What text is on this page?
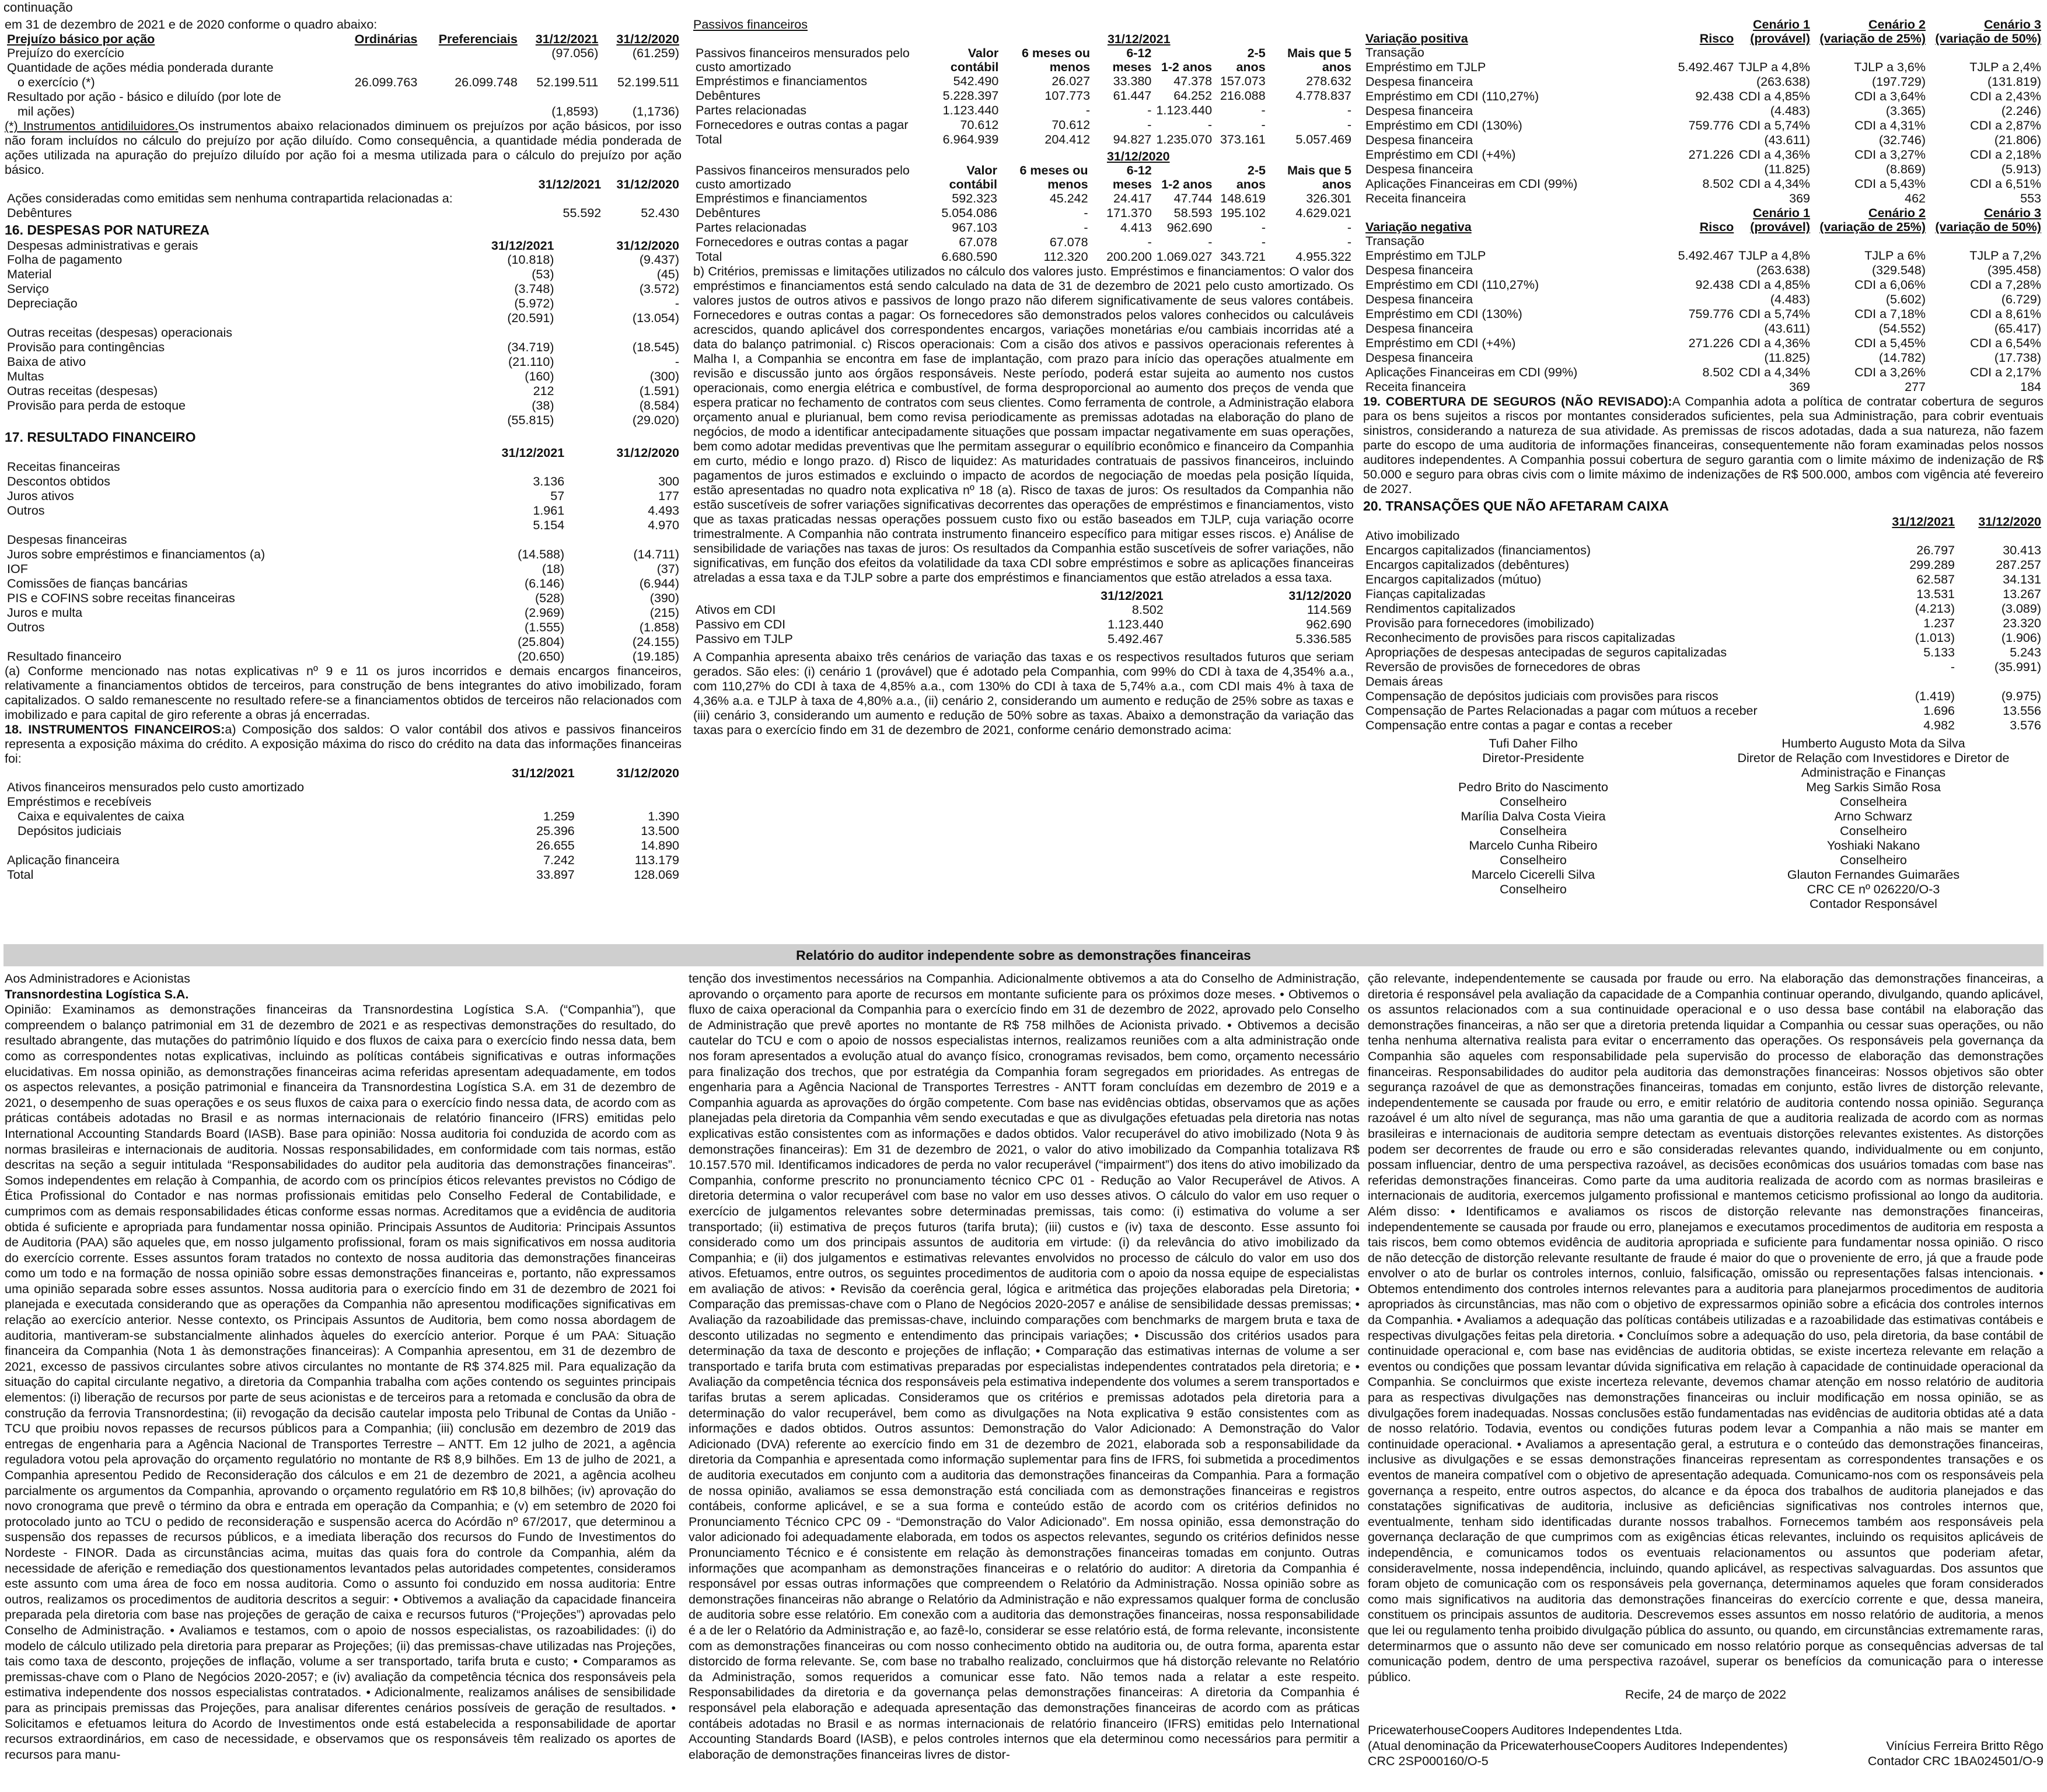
continuação

em 31 de dezembro de 2021 e de 2020 conforme o quadro abaixo:

Prejuízo básico por ação	Ordinárias	Preferenciais	31/12/2021	31/12/2020
Prejuízo do exercício			(97.056)	(61.259)
Quantidade de ações média ponderada durante				
o exercício (*)	26.099.763	26.099.748	52.199.511	52.199.511
Resultado por ação - básico e diluído (por lote de				
mil ações)			(1,8593)	(1,1736)

(*) Instrumentos antidiluidores.Os instrumentos abaixo relacionados diminuem os prejuízos por ação básicos, por isso não foram incluídos no cálculo do prejuízo por ação diluído. Como consequência, a quantidade média ponderada de ações utilizada na apuração do prejuízo diluído por ação foi a mesma utilizada para o cálculo do prejuízo por ação básico.

	31/12/2021	31/12/2020
Ações consideradas como emitidas sem nenhuma contrapartida relacionadas a:		
Debêntures	55.592	52.430
16. DESPESAS POR NATUREZA
Despesas administrativas e gerais	31/12/2021	31/12/2020
Folha de pagamento	(10.818)	(9.437)
Material	(53)	(45)
Serviço	(3.748)	(3.572)
Depreciação	(5.972)	-
	(20.591)	(13.054)
Outras receitas (despesas) operacionais		
Provisão para contingências	(34.719)	(18.545)
Baixa de ativo	(21.110)	-
Multas	(160)	(300)
Outras receitas (despesas)	212	(1.591)
Provisão para perda de estoque	(38)	(8.584)
	(55.815)	(29.020)
17. RESULTADO FINANCEIRO
	31/12/2021	31/12/2020
Receitas financeiras		
Descontos obtidos	3.136	300
Juros ativos	57	177
Outros	1.961	4.493
	5.154	4.970
Despesas financeiras		
Juros sobre empréstimos e financiamentos (a)	(14.588)	(14.711)
IOF	(18)	(37)
Comissões de fianças bancárias	(6.146)	(6.944)
PIS e COFINS sobre receitas financeiras	(528)	(390)
Juros e multa	(2.969)	(215)
Outros	(1.555)	(1.858)
	(25.804)	(24.155)
Resultado financeiro	(20.650)	(19.185)

(a) Conforme mencionado nas notas explicativas nº 9 e 11 os juros incorridos e demais encargos financeiros, relativamente a financiamentos obtidos de terceiros, para construção de bens integrantes do ativo imobilizado, foram capitalizados. O saldo remanescente no resultado refere-se a financiamentos obtidos de terceiros não relacionados com imobilizado e para capital de giro referente a obras já encerradas.

18. INSTRUMENTOS FINANCEIROS:a) Composição dos saldos: O valor contábil dos ativos e passivos financeiros representa a exposição máxima do crédito. A exposição máxima do risco do crédito na data das informações financeiras foi:

	31/12/2021	31/12/2020
Ativos financeiros mensurados pelo custo amortizado		
Empréstimos e recebíveis		
Caixa e equivalentes de caixa	1.259	1.390
Depósitos judiciais	25.396	13.500
	26.655	14.890
Aplicação financeira	7.242	113.179
Total	33.897	128.069

Passivos financeiros

	31/12/2021					
Passivos financeiros mensurados pelo custo amortizado	Valor contábil	6 meses ou menos	6-12 meses	1-2 anos	2-5 anos	Mais que 5 anos
Empréstimos e financiamentos	542.490	26.027	33.380	47.378	157.073	278.632
Debêntures	5.228.397	107.773	61.447	64.252	216.088	4.778.837
Partes relacionadas	1.123.440	-	-	1.123.440	-	-
Fornecedores e outras contas a pagar	70.612	70.612	-	-	-	-
Total	6.964.939	204.412	94.827	1.235.070	373.161	5.057.469
	31/12/2020					
Passivos financeiros mensurados pelo custo amortizado	Valor contábil	6 meses ou menos	6-12 meses	1-2 anos	2-5 anos	Mais que 5 anos
Empréstimos e financiamentos	592.323	45.242	24.417	47.744	148.619	326.301
Debêntures	5.054.086	-	171.370	58.593	195.102	4.629.021
Partes relacionadas	967.103	-	4.413	962.690	-	-
Fornecedores e outras contas a pagar	67.078	67.078	-	-	-	-
Total	6.680.590	112.320	200.200	1.069.027	343.721	4.955.322

b) Critérios, premissas e limitações utilizados no cálculo dos valores justo. Empréstimos e financiamentos: O valor dos empréstimos e financiamentos está sendo calculado na data de 31 de dezembro de 2021 pelo custo amortizado. Os valores justos de outros ativos e passivos de longo prazo não diferem significativamente de seus valores contábeis. Fornecedores e outras contas a pagar: Os fornecedores são demonstrados pelos valores conhecidos ou calculáveis acrescidos, quando aplicável dos correspondentes encargos, variações monetárias e/ou cambiais incorridas até a data do balanço patrimonial. c) Riscos operacionais: Com a cisão dos ativos e passivos operacionais referentes à Malha I, a Companhia se encontra em fase de implantação, com prazo para início das operações atualmente em revisão e discussão junto aos órgãos responsáveis. Neste período, poderá estar sujeita ao aumento nos custos operacionais, como energia elétrica e combustível, de forma desproporcional ao aumento dos preços de venda que espera praticar no fechamento de contratos com seus clientes. Como ferramenta de controle, a Administração elabora orçamento anual e plurianual, bem como revisa periodicamente as premissas adotadas na elaboração do plano de negócios, de modo a identificar antecipadamente situações que possam impactar negativamente em suas operações, bem como adotar medidas preventivas que lhe permitam assegurar o equilíbrio econômico e financeiro da Companhia em curto, médio e longo prazo. d) Risco de liquidez: As maturidades contratuais de passivos financeiros, incluindo pagamentos de juros estimados e excluindo o impacto de acordos de negociação de moedas pela posição líquida, estão apresentadas no quadro nota explicativa nº 18 (a). Risco de taxas de juros: Os resultados da Companhia não estão suscetíveis de sofrer variações significativas decorrentes das operações de empréstimos e financiamentos, visto que as taxas praticadas nessas operações possuem custo fixo ou estão baseados em TJLP, cuja variação ocorre trimestralmente. A Companhia não contrata instrumento financeiro específico para mitigar esses riscos. e) Análise de sensibilidade de variações nas taxas de juros: Os resultados da Companhia estão suscetíveis de sofrer variações, não significativas, em função dos efeitos da volatilidade da taxa CDI sobre empréstimos e sobre as aplicações financeiras atreladas a essa taxa e da TJLP sobre a parte dos empréstimos e financiamentos que estão atrelados a essa taxa.

	31/12/2021	31/12/2020
Ativos em CDI	8.502	114.569
Passivo em CDI	1.123.440	962.690
Passivo em TJLP	5.492.467	5.336.585

A Companhia apresenta abaixo três cenários de variação das taxas e os respectivos resultados futuros que seriam gerados. São eles: (i) cenário 1 (provável) que é adotado pela Companhia, com 99% do CDI à taxa de 4,354% a.a., com 110,27% do CDI à taxa de 4,85% a.a., com 130% do CDI à taxa de 5,74% a.a., com CDI mais 4% à taxa de 4,36% a.a. e TJLP à taxa de 4,80% a.a., (ii) cenário 2, considerando um aumento e redução de 25% sobre as taxas e (iii) cenário 3, considerando um aumento e redução de 50% sobre as taxas. Abaixo a demonstração da variação das taxas para o exercício findo em 31 de dezembro de 2021, conforme cenário demonstrado acima:

Variação positiva	Risco	Cenário 1 (provável)	Cenário 2 (variação de 25%)	Cenário 3 (variação de 50%)
Transação				
Empréstimo em TJLP	5.492.467	TJLP a 4,8%	TJLP a 3,6%	TJLP a 2,4%
Despesa financeira		(263.638)	(197.729)	(131.819)
Empréstimo em CDI (110,27%)	92.438	CDI a 4,85%	CDI a 3,64%	CDI a 2,43%
Despesa financeira		(4.483)	(3.365)	(2.246)
Empréstimo em CDI (130%)	759.776	CDI a 5,74%	CDI a 4,31%	CDI a 2,87%
Despesa financeira		(43.611)	(32.746)	(21.806)
Empréstimo em CDI (+4%)	271.226	CDI a 4,36%	CDI a 3,27%	CDI a 2,18%
Despesa financeira		(11.825)	(8.869)	(5.913)
Aplicações Financeiras em CDI (99%)	8.502	CDI a 4,34%	CDI a 5,43%	CDI a 6,51%
Receita financeira		369	462	553
Variação negativa	Risco	Cenário 1 (provável)	Cenário 2 (variação de 25%)	Cenário 3 (variação de 50%)
Transação				
Empréstimo em TJLP	5.492.467	TJLP a 4,8%	TJLP a 6%	TJLP a 7,2%
Despesa financeira		(263.638)	(329.548)	(395.458)
Empréstimo em CDI (110,27%)	92.438	CDI a 4,85%	CDI a 6,06%	CDI a 7,28%
Despesa financeira		(4.483)	(5.602)	(6.729)
Empréstimo em CDI (130%)	759.776	CDI a 5,74%	CDI a 7,18%	CDI a 8,61%
Despesa financeira		(43.611)	(54.552)	(65.417)
Empréstimo em CDI (+4%)	271.226	CDI a 4,36%	CDI a 5,45%	CDI a 6,54%
Despesa financeira		(11.825)	(14.782)	(17.738)
Aplicações Financeiras em CDI (99%)	8.502	CDI a 4,34%	CDI a 3,26%	CDI a 2,17%
Receita financeira		369	277	184

19. COBERTURA DE SEGUROS (NÃO REVISADO):A Companhia adota a política de contratar cobertura de seguros para os bens sujeitos a riscos por montantes considerados suficientes, pela sua Administração, para cobrir eventuais sinistros, considerando a natureza de sua atividade. As premissas de riscos adotadas, dada a sua natureza, não fazem parte do escopo de uma auditoria de informações financeiras, consequentemente não foram examinadas pelos nossos auditores independentes. A Companhia possui cobertura de seguro garantia com o limite máximo de indenização de R$ 50.000 e seguro para obras civis com o limite máximo de indenizações de R$ 500.000, ambos com vigência até fevereiro de 2027.

20. TRANSAÇÕES QUE NÃO AFETARAM CAIXA
	31/12/2021	31/12/2020
Ativo imobilizado		
Encargos capitalizados (financiamentos)	26.797	30.413
Encargos capitalizados (debêntures)	299.289	287.257
Encargos capitalizados (mútuo)	62.587	34.131
Fianças capitalizadas	13.531	13.267
Rendimentos capitalizados	(4.213)	(3.089)
Provisão para fornecedores (imobilizado)	1.237	23.320
Reconhecimento de provisões para riscos capitalizadas	(1.013)	(1.906)
Apropriações de despesas antecipadas de seguros capitalizadas	5.133	5.243
Reversão de provisões de fornecedores de obras	-	(35.991)
Demais áreas		
Compensação de depósitos judiciais com provisões para riscos	(1.419)	(9.975)
Compensação de Partes Relacionadas a pagar com mútuos a receber	1.696	13.556
Compensação entre contas a pagar e contas a receber	4.982	3.576
Tufi Daher Filho	Humberto Augusto Mota da Silva
Diretor-Presidente	Diretor de Relação com Investidores e Diretor de Administração e Finanças
Pedro Brito do Nascimento	Meg Sarkis Simão Rosa
Conselheiro	Conselheira
Marília Dalva Costa Vieira	Arno Schwarz
Conselheira	Conselheiro
Marcelo Cunha Ribeiro	Yoshiaki Nakano
Conselheiro	Conselheiro
Marcelo Cicerelli Silva	Glauton Fernandes Guimarães
Conselheiro	CRC CE nº 026220/O-3
Contador Responsável
Relatório do auditor independente sobre as demonstrações financeiras

Aos Administradores e Acionistas

Transnordestina Logística S.A.

Opinião: Examinamos as demonstrações financeiras da Transnordestina Logística S.A. (“Companhia”), que compreendem o balanço patrimonial em 31 de dezembro de 2021 e as respectivas demonstrações do resultado, do resultado abrangente, das mutações do patrimônio líquido e dos fluxos de caixa para o exercício findo nessa data, bem como as correspondentes notas explicativas, incluindo as políticas contábeis significativas e outras informações elucidativas. Em nossa opinião, as demonstrações financeiras acima referidas apresentam adequadamente, em todos os aspectos relevantes, a posição patrimonial e financeira da Transnordestina Logística S.A. em 31 de dezembro de 2021, o desempenho de suas operações e os seus fluxos de caixa para o exercício findo nessa data, de acordo com as práticas contábeis adotadas no Brasil e as normas internacionais de relatório financeiro (IFRS) emitidas pelo International Accounting Standards Board (IASB). Base para opinião: Nossa auditoria foi conduzida de acordo com as normas brasileiras e internacionais de auditoria. Nossas responsabilidades, em conformidade com tais normas, estão descritas na seção a seguir intitulada “Responsabilidades do auditor pela auditoria das demonstrações financeiras”. Somos independentes em relação à Companhia, de acordo com os princípios éticos relevantes previstos no Código de Ética Profissional do Contador e nas normas profissionais emitidas pelo Conselho Federal de Contabilidade, e cumprimos com as demais responsabilidades éticas conforme essas normas. Acreditamos que a evidência de auditoria obtida é suficiente e apropriada para fundamentar nossa opinião. Principais Assuntos de Auditoria: Principais Assuntos de Auditoria (PAA) são aqueles que, em nosso julgamento profissional, foram os mais significativos em nossa auditoria do exercício corrente. Esses assuntos foram tratados no contexto de nossa auditoria das demonstrações financeiras como um todo e na formação de nossa opinião sobre essas demonstrações financeiras e, portanto, não expressamos uma opinião separada sobre esses assuntos. Nossa auditoria para o exercício findo em 31 de dezembro de 2021 foi planejada e executada considerando que as operações da Companhia não apresentou modificações significativas em relação ao exercício anterior. Nesse contexto, os Principais Assuntos de Auditoria, bem como nossa abordagem de auditoria, mantiveram-se substancialmente alinhados àqueles do exercício anterior. Porque é um PAA: Situação financeira da Companhia (Nota 1 às demonstrações financeiras): A Companhia apresentou, em 31 de dezembro de 2021, excesso de passivos circulantes sobre ativos circulantes no montante de R$ 374.825 mil. Para equalização da situação do capital circulante negativo, a diretoria da Companhia trabalha com ações contendo os seguintes principais elementos: (i) liberação de recursos por parte de seus acionistas e de terceiros para a retomada e conclusão da obra de construção da ferrovia Transnordestina; (ii) revogação da decisão cautelar imposta pelo Tribunal de Contas da União - TCU que proibiu novos repasses de recursos públicos para a Companhia; (iii) conclusão em dezembro de 2019 das entregas de engenharia para a Agência Nacional de Transportes Terrestre – ANTT. Em 12 julho de 2021, a agência reguladora votou pela aprovação do orçamento regulatório no montante de R$ 8,9 bilhões. Em 13 de julho de 2021, a Companhia apresentou Pedido de Reconsideração dos cálculos e em 21 de dezembro de 2021, a agência acolheu parcialmente os argumentos da Companhia, aprovando o orçamento regulatório em R$ 10,8 bilhões; (iv) aprovação do novo cronograma que prevê o término da obra e entrada em operação da Companhia; e (v) em setembro de 2020 foi protocolado junto ao TCU o pedido de reconsideração e suspensão acerca do Acórdão nº 67/2017, que determinou a suspensão dos repasses de recursos públicos, e a imediata liberação dos recursos do Fundo de Investimentos do Nordeste - FINOR. Dada as circunstâncias acima, muitas das quais fora do controle da Companhia, além da necessidade de aferição e remediação dos questionamentos levantados pelas autoridades competentes, consideramos este assunto com uma área de foco em nossa auditoria. Como o assunto foi conduzido em nossa auditoria: Entre outros, realizamos os procedimentos de auditoria descritos a seguir: • Obtivemos a avaliação da capacidade financeira preparada pela diretoria com base nas projeções de geração de caixa e recursos futuros (“Projeções”) aprovadas pelo Conselho de Administração. • Avaliamos e testamos, com o apoio de nossos especialistas, os razoabilidades: (i) do modelo de cálculo utilizado pela diretoria para preparar as Projeções; (ii) das premissas-chave utilizadas nas Projeções, tais como taxa de desconto, projeções de inflação, volume a ser transportado, tarifa bruta e custo; • Comparamos as premissas-chave com o Plano de Negócios 2020-2057; e (iv) avaliação da competência técnica dos responsáveis pela estimativa independente dos nossos especialistas contratados. • Adicionalmente, realizamos análises de sensibilidade para as principais premissas das Projeções, para analisar diferentes cenários possíveis de geração de resultados. • Solicitamos e efetuamos leitura do Acordo de Investimentos onde está estabelecida a responsabilidade de aportar recursos extraordinários, em caso de necessidade, e observamos que os responsáveis têm realizado os aportes de recursos para manu-

tenção dos investimentos necessários na Companhia. Adicionalmente obtivemos a ata do Conselho de Administração, aprovando o orçamento para aporte de recursos em montante suficiente para os próximos doze meses. • Obtivemos o fluxo de caixa operacional da Companhia para o exercício findo em 31 de dezembro de 2022, aprovado pelo Conselho de Administração que prevê aportes no montante de R$ 758 milhões de Acionista privado. • Obtivemos a decisão cautelar do TCU e com o apoio de nossos especialistas internos, realizamos reuniões com a alta administração onde nos foram apresentados a evolução atual do avanço físico, cronogramas revisados, bem como, orçamento necessário para finalização dos trechos, que por estratégia da Companhia foram segregados em prioridades. As entregas de engenharia para a Agência Nacional de Transportes Terrestres - ANTT foram concluídas em dezembro de 2019 e a Companhia aguarda as aprovações do órgão competente. Com base nas evidências obtidas, observamos que as ações planejadas pela diretoria da Companhia vêm sendo executadas e que as divulgações efetuadas pela diretoria nas notas explicativas estão consistentes com as informações e dados obtidos. Valor recuperável do ativo imobilizado (Nota 9 às demonstrações financeiras): Em 31 de dezembro de 2021, o valor do ativo imobilizado da Companhia totalizava R$ 10.157.570 mil. Identificamos indicadores de perda no valor recuperável (“impairment”) dos itens do ativo imobilizado da Companhia, conforme prescrito no pronunciamento técnico CPC 01 - Redução ao Valor Recuperável de Ativos. A diretoria determina o valor recuperável com base no valor em uso desses ativos. O cálculo do valor em uso requer o exercício de julgamentos relevantes sobre determinadas premissas, tais como: (i) estimativa do volume a ser transportado; (ii) estimativa de preços futuros (tarifa bruta); (iii) custos e (iv) taxa de desconto. Esse assunto foi considerado como um dos principais assuntos de auditoria em virtude: (i) da relevância do ativo imobilizado da Companhia; e (ii) dos julgamentos e estimativas relevantes envolvidos no processo de cálculo do valor em uso dos ativos. Efetuamos, entre outros, os seguintes procedimentos de auditoria com o apoio da nossa equipe de especialistas em avaliação de ativos: • Revisão da coerência geral, lógica e aritmética das projeções elaboradas pela Diretoria; • Comparação das premissas-chave com o Plano de Negócios 2020-2057 e análise de sensibilidade dessas premissas; • Avaliação da razoabilidade das premissas-chave, incluindo comparações com benchmarks de margem bruta e taxa de desconto utilizadas no segmento e entendimento das principais variações; • Discussão dos critérios usados para determinação da taxa de desconto e projeções de inflação; • Comparação das estimativas internas de volume a ser transportado e tarifa bruta com estimativas preparadas por especialistas independentes contratados pela diretoria; e • Avaliação da competência técnica dos responsáveis pela estimativa independente dos volumes a serem transportados e tarifas brutas a serem aplicadas. Consideramos que os critérios e premissas adotados pela diretoria para a determinação do valor recuperável, bem como as divulgações na Nota explicativa 9 estão consistentes com as informações e dados obtidos. Outros assuntos: Demonstração do Valor Adicionado: A Demonstração do Valor Adicionado (DVA) referente ao exercício findo em 31 de dezembro de 2021, elaborada sob a responsabilidade da diretoria da Companhia e apresentada como informação suplementar para fins de IFRS, foi submetida a procedimentos de auditoria executados em conjunto com a auditoria das demonstrações financeiras da Companhia. Para a formação de nossa opinião, avaliamos se essa demonstração está conciliada com as demonstrações financeiras e registros contábeis, conforme aplicável, e se a sua forma e conteúdo estão de acordo com os critérios definidos no Pronunciamento Técnico CPC 09 - “Demonstração do Valor Adicionado”. Em nossa opinião, essa demonstração do valor adicionado foi adequadamente elaborada, em todos os aspectos relevantes, segundo os critérios definidos nesse Pronunciamento Técnico e é consistente em relação às demonstrações financeiras tomadas em conjunto. Outras informações que acompanham as demonstrações financeiras e o relatório do auditor: A diretoria da Companhia é responsável por essas outras informações que compreendem o Relatório da Administração. Nossa opinião sobre as demonstrações financeiras não abrange o Relatório da Administração e não expressamos qualquer forma de conclusão de auditoria sobre esse relatório. Em conexão com a auditoria das demonstrações financeiras, nossa responsabilidade é a de ler o Relatório da Administração e, ao fazê-lo, considerar se esse relatório está, de forma relevante, inconsistente com as demonstrações financeiras ou com nosso conhecimento obtido na auditoria ou, de outra forma, aparenta estar distorcido de forma relevante. Se, com base no trabalho realizado, concluirmos que há distorção relevante no Relatório da Administração, somos requeridos a comunicar esse fato. Não temos nada a relatar a este respeito. Responsabilidades da diretoria e da governança pelas demonstrações financeiras: A diretoria da Companhia é responsável pela elaboração e adequada apresentação das demonstrações financeiras de acordo com as práticas contábeis adotadas no Brasil e as normas internacionais de relatório financeiro (IFRS) emitidas pelo International Accounting Standards Board (IASB), e pelos controles internos que ela determinou como necessários para permitir a elaboração de demonstrações financeiras livres de distor-

ção relevante, independentemente se causada por fraude ou erro. Na elaboração das demonstrações financeiras, a diretoria é responsável pela avaliação da capacidade de a Companhia continuar operando, divulgando, quando aplicável, os assuntos relacionados com a sua continuidade operacional e o uso dessa base contábil na elaboração das demonstrações financeiras, a não ser que a diretoria pretenda liquidar a Companhia ou cessar suas operações, ou não tenha nenhuma alternativa realista para evitar o encerramento das operações. Os responsáveis pela governança da Companhia são aqueles com responsabilidade pela supervisão do processo de elaboração das demonstrações financeiras. Responsabilidades do auditor pela auditoria das demonstrações financeiras: Nossos objetivos são obter segurança razoável de que as demonstrações financeiras, tomadas em conjunto, estão livres de distorção relevante, independentemente se causada por fraude ou erro, e emitir relatório de auditoria contendo nossa opinião. Segurança razoável é um alto nível de segurança, mas não uma garantia de que a auditoria realizada de acordo com as normas brasileiras e internacionais de auditoria sempre detectam as eventuais distorções relevantes existentes. As distorções podem ser decorrentes de fraude ou erro e são consideradas relevantes quando, individualmente ou em conjunto, possam influenciar, dentro de uma perspectiva razoável, as decisões econômicas dos usuários tomadas com base nas referidas demonstrações financeiras. Como parte da uma auditoria realizada de acordo com as normas brasileiras e internacionais de auditoria, exercemos julgamento profissional e mantemos ceticismo profissional ao longo da auditoria. Além disso: • Identificamos e avaliamos os riscos de distorção relevante nas demonstrações financeiras, independentemente se causada por fraude ou erro, planejamos e executamos procedimentos de auditoria em resposta a tais riscos, bem como obtemos evidência de auditoria apropriada e suficiente para fundamentar nossa opinião. O risco de não detecção de distorção relevante resultante de fraude é maior do que o proveniente de erro, já que a fraude pode envolver o ato de burlar os controles internos, conluio, falsificação, omissão ou representações falsas intencionais. • Obtemos entendimento dos controles internos relevantes para a auditoria para planejarmos procedimentos de auditoria apropriados às circunstâncias, mas não com o objetivo de expressarmos opinião sobre a eficácia dos controles internos da Companhia. • Avaliamos a adequação das políticas contábeis utilizadas e a razoabilidade das estimativas contábeis e respectivas divulgações feitas pela diretoria. • Concluímos sobre a adequação do uso, pela diretoria, da base contábil de continuidade operacional e, com base nas evidências de auditoria obtidas, se existe incerteza relevante em relação a eventos ou condições que possam levantar dúvida significativa em relação à capacidade de continuidade operacional da Companhia. Se concluirmos que existe incerteza relevante, devemos chamar atenção em nosso relatório de auditoria para as respectivas divulgações nas demonstrações financeiras ou incluir modificação em nossa opinião, se as divulgações forem inadequadas. Nossas conclusões estão fundamentadas nas evidências de auditoria obtidas até a data de nosso relatório. Todavia, eventos ou condições futuras podem levar a Companhia a não mais se manter em continuidade operacional. • Avaliamos a apresentação geral, a estrutura e o conteúdo das demonstrações financeiras, inclusive as divulgações e se essas demonstrações financeiras representam as correspondentes transações e os eventos de maneira compatível com o objetivo de apresentação adequada. Comunicamo-nos com os responsáveis pela governança a respeito, entre outros aspectos, do alcance e da época dos trabalhos de auditoria planejados e das constatações significativas de auditoria, inclusive as deficiências significativas nos controles internos que, eventualmente, tenham sido identificadas durante nossos trabalhos. Fornecemos também aos responsáveis pela governança declaração de que cumprimos com as exigências éticas relevantes, incluindo os requisitos aplicáveis de independência, e comunicamos todos os eventuais relacionamentos ou assuntos que poderiam afetar, consideravelmente, nossa independência, incluindo, quando aplicável, as respectivas salvaguardas. Dos assuntos que foram objeto de comunicação com os responsáveis pela governança, determinamos aqueles que foram considerados como mais significativos na auditoria das demonstrações financeiras do exercício corrente e que, dessa maneira, constituem os principais assuntos de auditoria. Descrevemos esses assuntos em nosso relatório de auditoria, a menos que lei ou regulamento tenha proibido divulgação pública do assunto, ou quando, em circunstâncias extremamente raras, determinarmos que o assunto não deve ser comunicado em nosso relatório porque as consequências adversas de tal comunicação podem, dentro de uma perspectiva razoável, superar os benefícios da comunicação para o interesse público.

Recife, 24 de março de 2022

PricewaterhouseCoopers Auditores Independentes Ltda.
(Atual denominação da PricewaterhouseCoopers Auditores Independentes)	Vinícius Ferreira Britto Rêgo
CRC 2SP000160/O-5	Contador CRC 1BA024501/O-9
